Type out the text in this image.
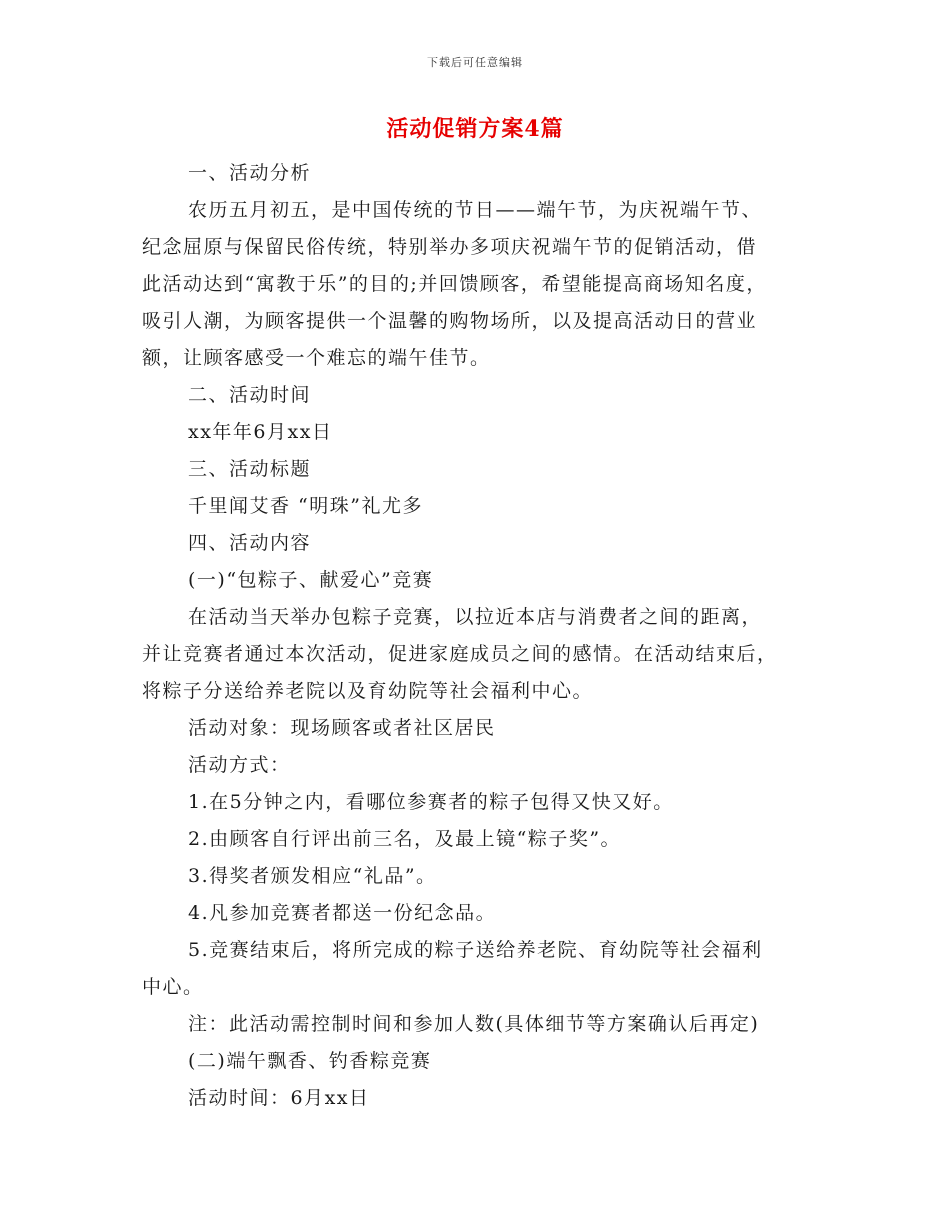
下载后可任意编辑
活动促销方案4篇
一、活动分析
农历五月初五，是中国传统的节日——端午节，为庆祝端午节、
纪念屈原与保留民俗传统，特别举办多项庆祝端午节的促销活动，借
此活动达到“寓教于乐”的目的;并回馈顾客，希望能提高商场知名度，
吸引人潮，为顾客提供一个温馨的购物场所，以及提高活动日的营业
额，让顾客感受一个难忘的端午佳节。
二、活动时间
xx年年6月xx日
三、活动标题
千里闻艾香 “明珠”礼尤多
四、活动内容
(一)“包粽子、献爱心”竞赛
在活动当天举办包粽子竞赛，以拉近本店与消费者之间的距离，
并让竞赛者通过本次活动，促进家庭成员之间的感情。在活动结束后，
将粽子分送给养老院以及育幼院等社会福利中心。
活动对象：现场顾客或者社区居民
活动方式：
1.在5分钟之内，看哪位参赛者的粽子包得又快又好。
2.由顾客自行评出前三名，及最上镜“粽子奖”。
3.得奖者颁发相应“礼品”。
4.凡参加竞赛者都送一份纪念品。
5.竞赛结束后，将所完成的粽子送给养老院、育幼院等社会福利
中心。
注：此活动需控制时间和参加人数(具体细节等方案确认后再定)
(二)端午飘香、钓香粽竞赛
活动时间：6月xx日
